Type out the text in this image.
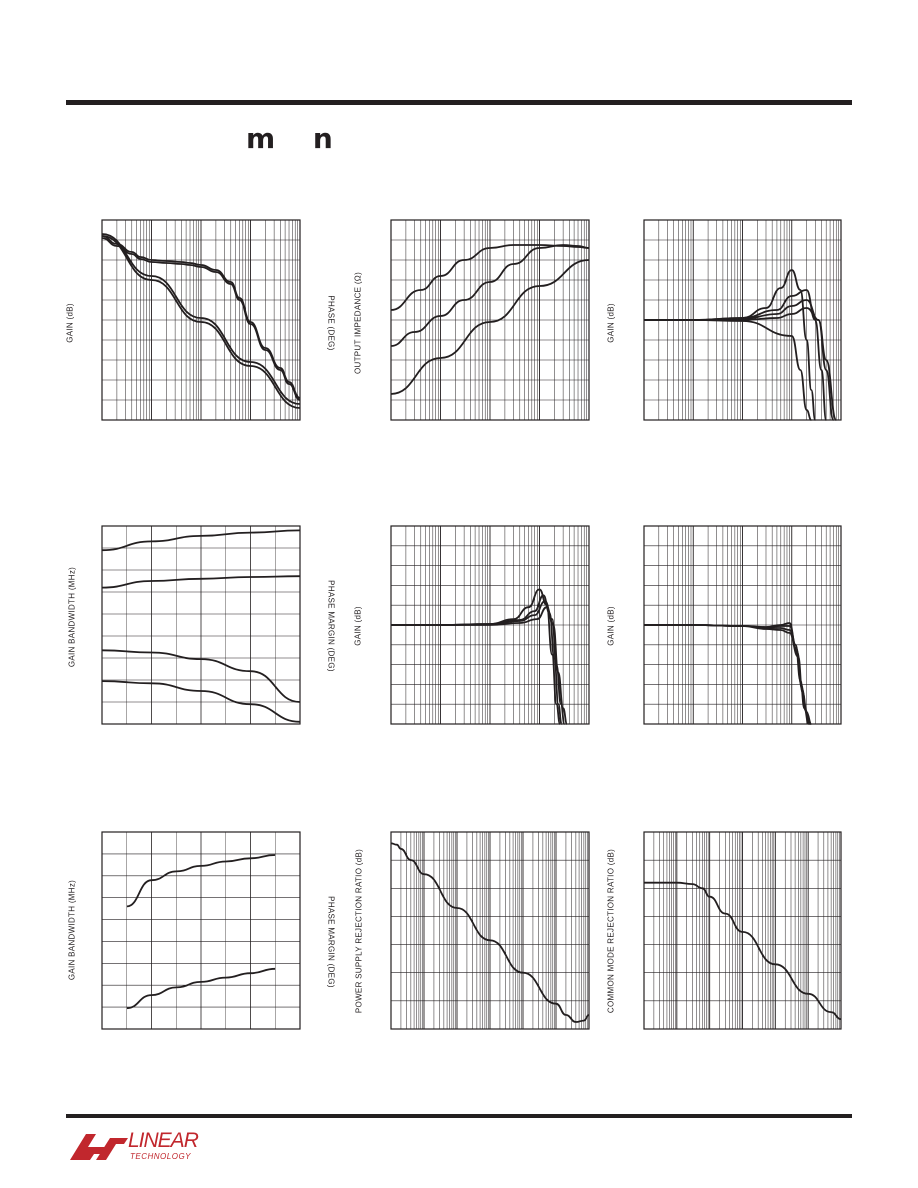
m n
GAIN (dB)	PHASE (DEG) OUTPUT IMPEDANCE (Ω)	GAIN (dB)
GAIN BANDWIDTH (MHz)	PHASE MARGIN (DEG) GAIN (dB)	GAIN (dB)
GAIN BANDWIDTH (MHz)	PHASE MARGIN (DEG) POWER SUPPLY REJECTION RATIO (dB)	COMMON MODE REJECTION RATIO (dB)
LINEAR
TECHNOLOGY
